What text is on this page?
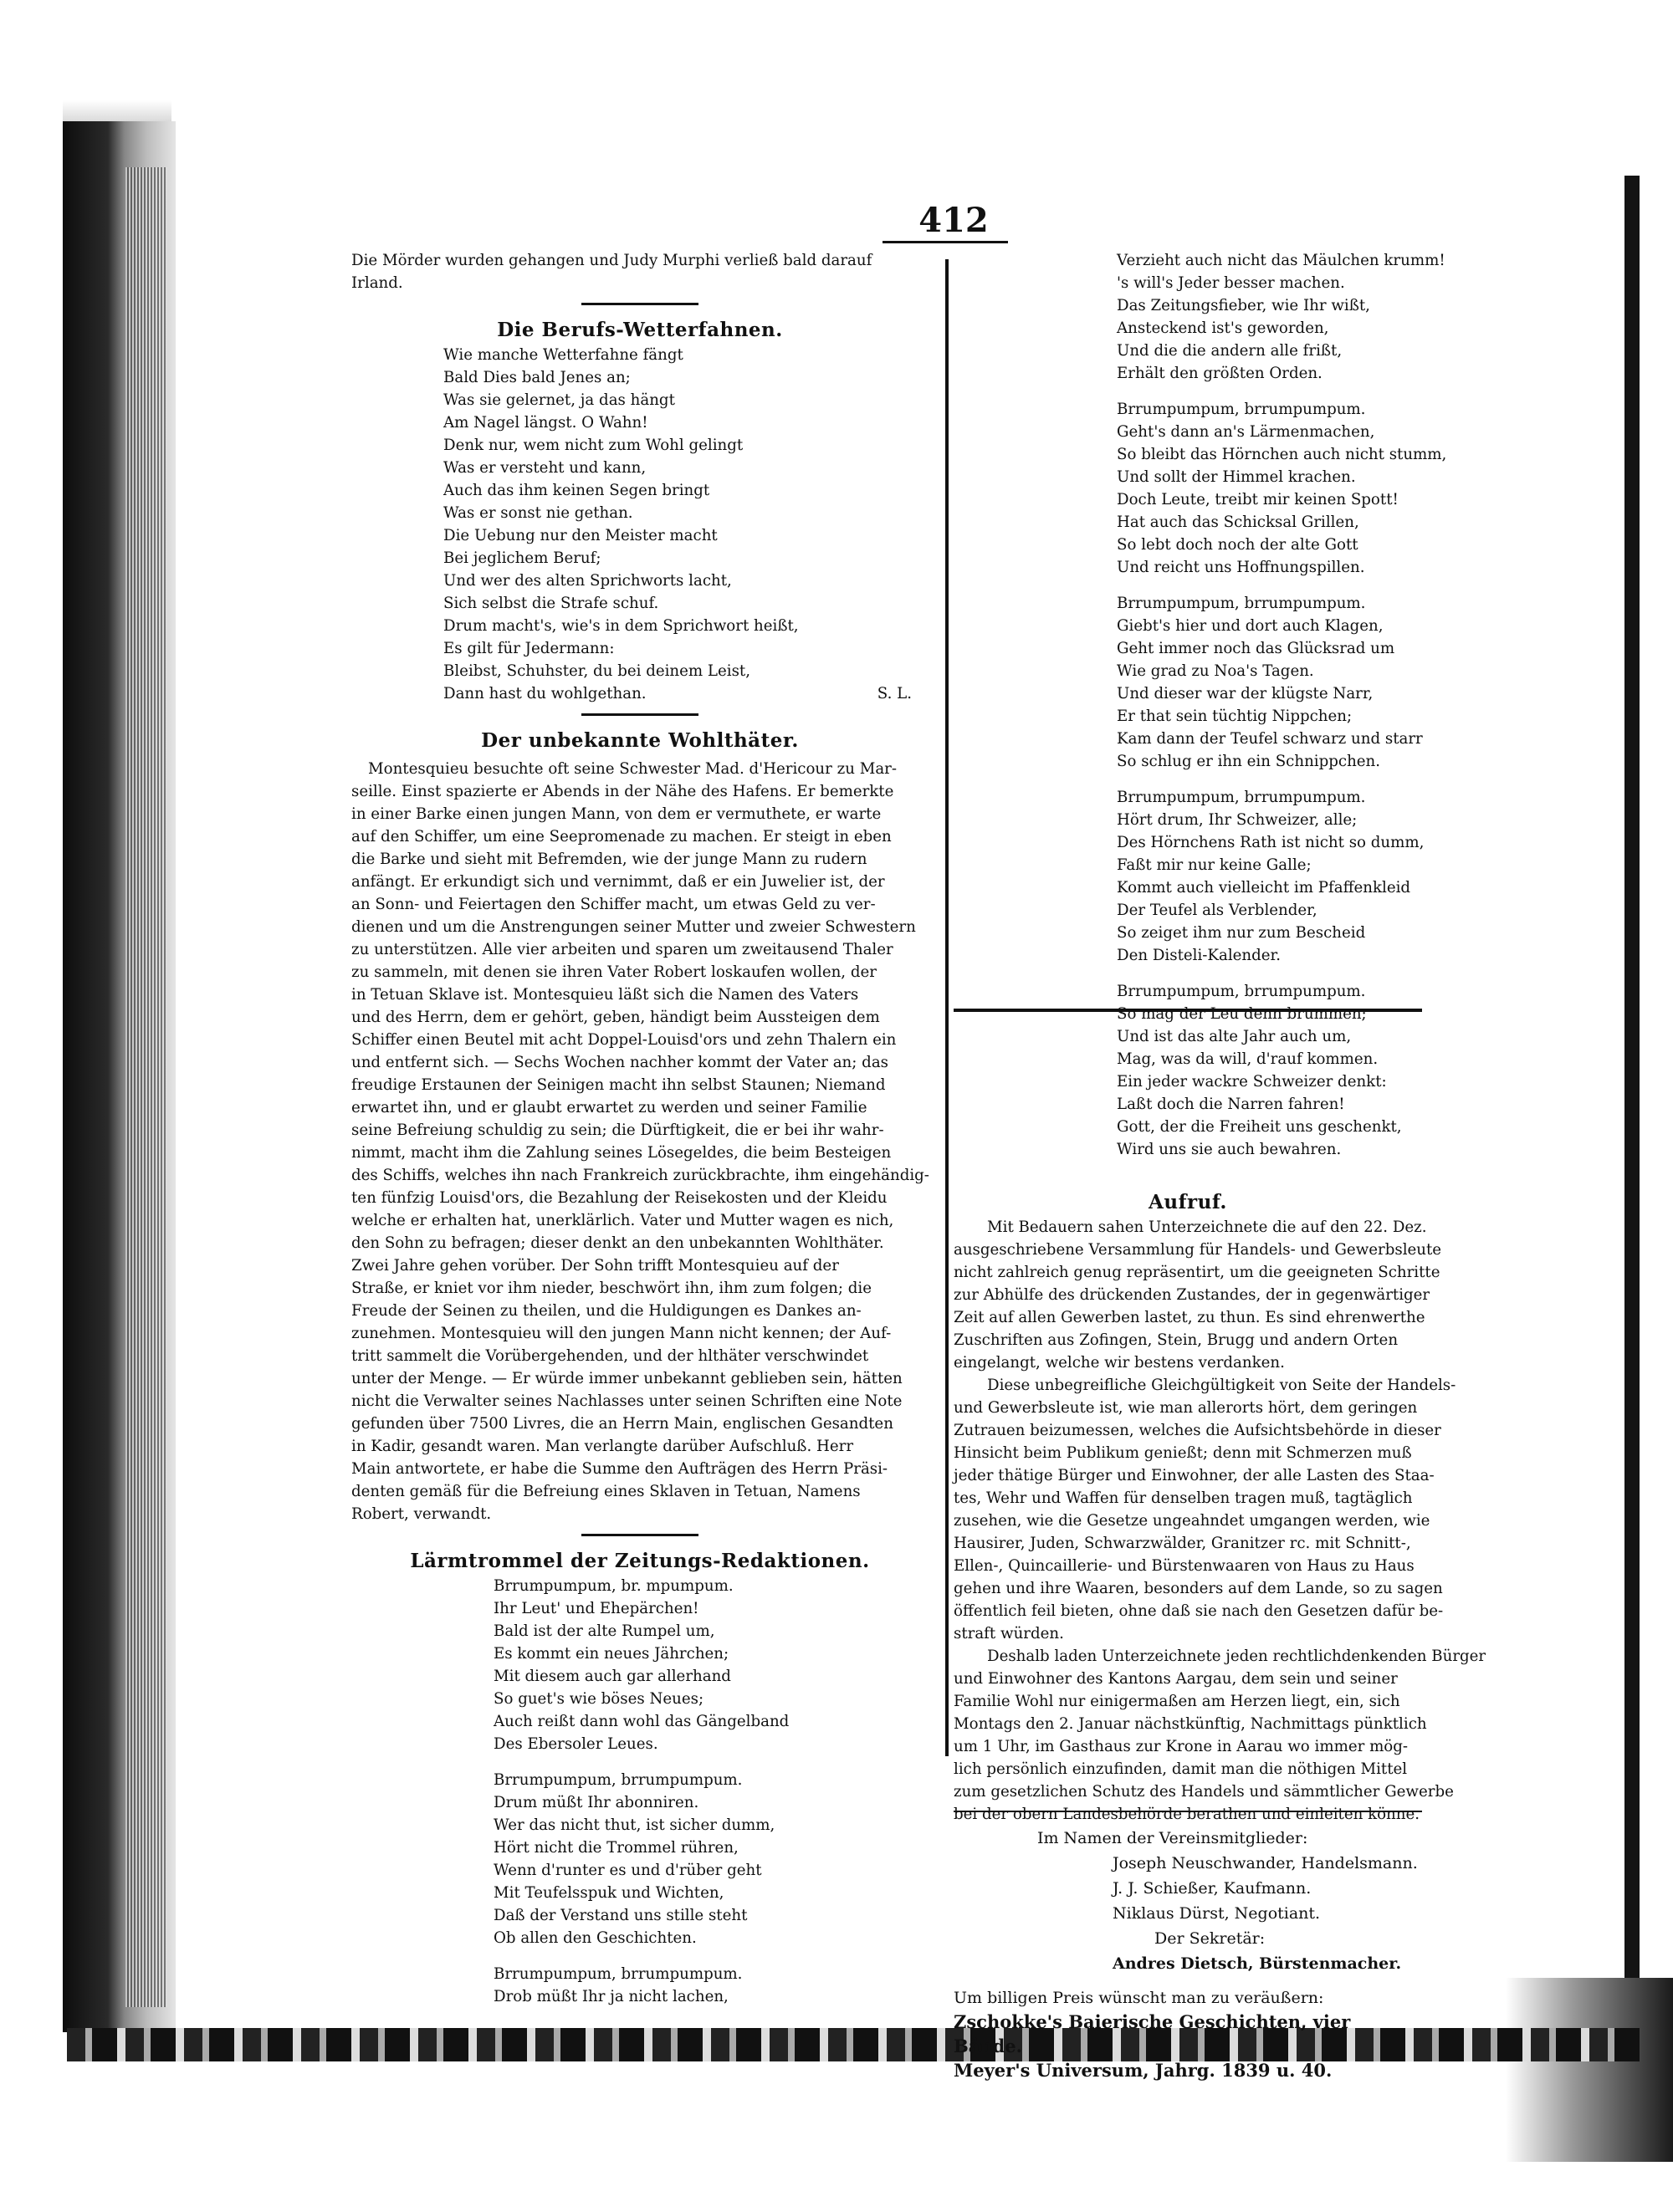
412
Die Mörder wurden gehangen und Judy Murphi verließ bald darauf
Irland.
Die Berufs-Wetterfahnen.
Wie manche Wetterfahne fängt
Bald Dies bald Jenes an;
Was sie gelernet, ja das hängt
Am Nagel längst. O Wahn!
Denk nur, wem nicht zum Wohl gelingt
Was er versteht und kann,
Auch das ihm keinen Segen bringt
Was er sonst nie gethan.
Die Uebung nur den Meister macht
Bei jeglichem Beruf;
Und wer des alten Sprichworts lacht,
Sich selbst die Strafe schuf.
Drum macht's, wie's in dem Sprichwort heißt,
Es gilt für Jedermann:
Bleibst, Schuhster, du bei deinem Leist,
Dann hast du wohlgethan.	S. L.
Der unbekannte Wohlthäter.
Montesquieu besuchte oft seine Schwester Mad. d'Hericour zu Mar-
seille. Einst spazierte er Abends in der Nähe des Hafens. Er bemerkte
in einer Barke einen jungen Mann, von dem er vermuthete, er warte
auf den Schiffer, um eine Seepromenade zu machen. Er steigt in eben
die Barke und sieht mit Befremden, wie der junge Mann zu rudern
anfängt. Er erkundigt sich und vernimmt, daß er ein Juwelier ist, der
an Sonn- und Feiertagen den Schiffer macht, um etwas Geld zu ver-
dienen und um die Anstrengungen seiner Mutter und zweier Schwestern
zu unterstützen. Alle vier arbeiten und sparen um zweitausend Thaler
zu sammeln, mit denen sie ihren Vater Robert loskaufen wollen, der
in Tetuan Sklave ist. Montesquieu läßt sich die Namen des Vaters
und des Herrn, dem er gehört, geben, händigt beim Aussteigen dem
Schiffer einen Beutel mit acht Doppel-Louisd'ors und zehn Thalern ein
und entfernt sich. — Sechs Wochen nachher kommt der Vater an; das
freudige Erstaunen der Seinigen macht ihn selbst Staunen; Niemand
erwartet ihn, und er glaubt erwartet zu werden und seiner Familie
seine Befreiung schuldig zu sein; die Dürftigkeit, die er bei ihr wahr-
nimmt, macht ihm die Zahlung seines Lösegeldes, die beim Besteigen
des Schiffs, welches ihn nach Frankreich zurückbrachte, ihm eingehändig-
ten fünfzig Louisd'ors, die Bezahlung der Reisekosten und der Kleidu
welche er erhalten hat, unerklärlich. Vater und Mutter wagen es nich,
den Sohn zu befragen; dieser denkt an den unbekannten Wohlthäter.
Zwei Jahre gehen vorüber. Der Sohn trifft Montesquieu auf der
Straße, er kniet vor ihm nieder, beschwört ihn, ihm zum folgen; die
Freude der Seinen zu theilen, und die Huldigungen es Dankes an-
zunehmen. Montesquieu will den jungen Mann nicht kennen; der Auf-
tritt sammelt die Vorübergehenden, und der hlthäter verschwindet
unter der Menge. — Er würde immer unbekannt geblieben sein, hätten
nicht die Verwalter seines Nachlasses unter seinen Schriften eine Note
gefunden über 7500 Livres, die an Herrn Main, englischen Gesandten
in Kadir, gesandt waren. Man verlangte darüber Aufschluß. Herr
Main antwortete, er habe die Summe den Aufträgen des Herrn Präsi-
denten gemäß für die Befreiung eines Sklaven in Tetuan, Namens
Robert, verwandt.
Lärmtrommel der Zeitungs-Redaktionen.
Brrumpumpum, br. mpumpum.
Ihr Leut' und Ehepärchen!
Bald ist der alte Rumpel um,
Es kommt ein neues Jährchen;
Mit diesem auch gar allerhand
So guet's wie böses Neues;
Auch reißt dann wohl das Gängelband
Des Ebersoler Leues.
Brrumpumpum, brrumpumpum.
Drum müßt Ihr abonniren.
Wer das nicht thut, ist sicher dumm,
Hört nicht die Trommel rühren,
Wenn d'runter es und d'rüber geht
Mit Teufelsspuk und Wichten,
Daß der Verstand uns stille steht
Ob allen den Geschichten.
Brrumpumpum, brrumpumpum.
Drob müßt Ihr ja nicht lachen,
Verzieht auch nicht das Mäulchen krumm!
's will's Jeder besser machen.
Das Zeitungsfieber, wie Ihr wißt,
Ansteckend ist's geworden,
Und die die andern alle frißt,
Erhält den größten Orden.
Brrumpumpum, brrumpumpum.
Geht's dann an's Lärmenmachen,
So bleibt das Hörnchen auch nicht stumm,
Und sollt der Himmel krachen.
Doch Leute, treibt mir keinen Spott!
Hat auch das Schicksal Grillen,
So lebt doch noch der alte Gott
Und reicht uns Hoffnungspillen.
Brrumpumpum, brrumpumpum.
Giebt's hier und dort auch Klagen,
Geht immer noch das Glücksrad um
Wie grad zu Noa's Tagen.
Und dieser war der klügste Narr,
Er that sein tüchtig Nippchen;
Kam dann der Teufel schwarz und starr
So schlug er ihn ein Schnippchen.
Brrumpumpum, brrumpumpum.
Hört drum, Ihr Schweizer, alle;
Des Hörnchens Rath ist nicht so dumm,
Faßt mir nur keine Galle;
Kommt auch vielleicht im Pfaffenkleid
Der Teufel als Verblender,
So zeiget ihm nur zum Bescheid
Den Disteli-Kalender.
Brrumpumpum, brrumpumpum.
So mag der Leu denn brummen;
Und ist das alte Jahr auch um,
Mag, was da will, d'rauf kommen.
Ein jeder wackre Schweizer denkt:
Laßt doch die Narren fahren!
Gott, der die Freiheit uns geschenkt,
Wird uns sie auch bewahren.
Aufruf.
Mit Bedauern sahen Unterzeichnete die auf den 22. Dez.
ausgeschriebene Versammlung für Handels- und Gewerbsleute
nicht zahlreich genug repräsentirt, um die geeigneten Schritte
zur Abhülfe des drückenden Zustandes, der in gegenwärtiger
Zeit auf allen Gewerben lastet, zu thun. Es sind ehrenwerthe
Zuschriften aus Zofingen, Stein, Brugg und andern Orten
eingelangt, welche wir bestens verdanken.
Diese unbegreifliche Gleichgültigkeit von Seite der Handels-
und Gewerbsleute ist, wie man allerorts hört, dem geringen
Zutrauen beizumessen, welches die Aufsichtsbehörde in dieser
Hinsicht beim Publikum genießt; denn mit Schmerzen muß
jeder thätige Bürger und Einwohner, der alle Lasten des Staa-
tes, Wehr und Waffen für denselben tragen muß, tagtäglich
zusehen, wie die Gesetze ungeahndet umgangen werden, wie
Hausirer, Juden, Schwarzwälder, Granitzer rc. mit Schnitt-,
Ellen-, Quincaillerie- und Bürstenwaaren von Haus zu Haus
gehen und ihre Waaren, besonders auf dem Lande, so zu sagen
öffentlich feil bieten, ohne daß sie nach den Gesetzen dafür be-
straft würden.
Deshalb laden Unterzeichnete jeden rechtlichdenkenden Bürger
und Einwohner des Kantons Aargau, dem sein und seiner
Familie Wohl nur einigermaßen am Herzen liegt, ein, sich
Montags den 2. Januar nächstkünftig, Nachmittags pünktlich
um 1 Uhr, im Gasthaus zur Krone in Aarau wo immer mög-
lich persönlich einzufinden, damit man die nöthigen Mittel
zum gesetzlichen Schutz des Handels und sämmtlicher Gewerbe
bei der obern Landesbehörde berathen und einleiten könne.
Im Namen der Vereinsmitglieder:
Joseph Neuschwander, Handelsmann.
J. J. Schießer, Kaufmann.
Niklaus Dürst, Negotiant.
Der Sekretär:
Andres Dietsch, Bürstenmacher.
Um billigen Preis wünscht man zu veräußern:
Zschokke's Baierische Geschichten, vier Bände.
Meyer's Universum, Jahrg. 1839 u. 40.
